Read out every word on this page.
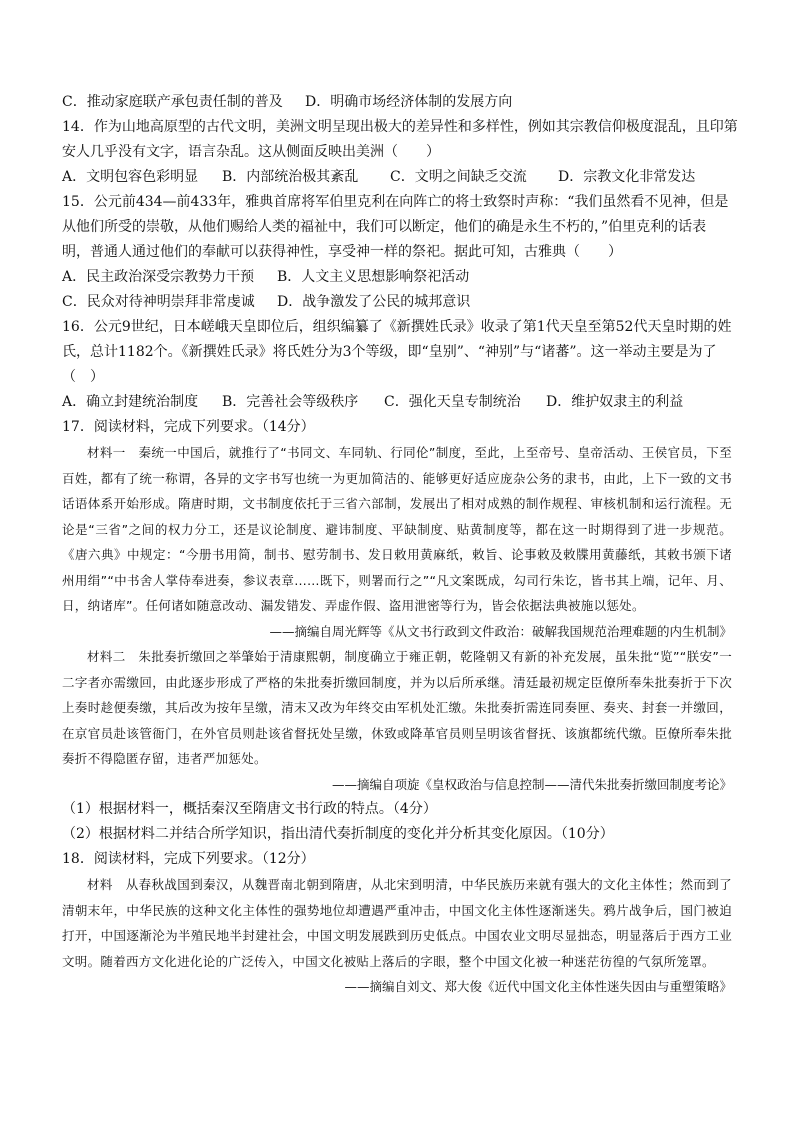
C．推动家庭联产承包责任制的普及	D．明确市场经济体制的发展方向
14．作为山地高原型的古代文明，美洲文明呈现出极大的差异性和多样性，例如其宗教信仰极度混乱，且印第
安人几乎没有文字，语言杂乱。这从侧面反映出美洲（　　）
A．文明包容色彩明显	B．内部统治极其紊乱	C．文明之间缺乏交流	D．宗教文化非常发达
15．公元前434—前433年，雅典首席将军伯里克利在向阵亡的将士致祭时声称：“我们虽然看不见神，但是从他们所受的崇敬，从他们赐给人类的福祉中，我们可以断定，他们的确是永生不朽的，”伯里克利的话表明，普通人通过他们的奉献可以获得神性，享受神一样的祭祀。据此可知，古雅典（　　）
A．民主政治深受宗教势力干预	B．人文主义思想影响祭祀活动
C．民众对待神明崇拜非常虔诚	D．战争激发了公民的城邦意识
16．公元9世纪，日本嵯峨天皇即位后，组织编纂了《新撰姓氏录》收录了第1代天皇至第52代天皇时期的姓氏，总计1182个。《新撰姓氏录》将氏姓分为3个等级，即“皇别”、“神别”与“诸蕃”。这一举动主要是为了（　）
A．确立封建统治制度	B．完善社会等级秩序	C．强化天皇专制统治	D．维护奴隶主的利益
17．阅读材料，完成下列要求。（14分）
材料一　秦统一中国后，就推行了“书同文、车同轨、行同伦”制度，至此，上至帝号、皇帝活动、王侯官员，下至百姓，都有了统一称谓，各异的文字书写也统一为更加简洁的、能够更好适应庞杂公务的隶书，由此，上下一致的文书话语体系开始形成。隋唐时期，文书制度依托于三省六部制，发展出了相对成熟的制作规程、审核机制和运行流程。无论是“三省”之间的权力分工，还是议论制度、避讳制度、平缺制度、贴黄制度等，都在这一时期得到了进一步规范。《唐六典》中规定：“今册书用简，制书、慰劳制书、发日敕用黄麻纸，敕旨、论事敕及敕牒用黄藤纸，其敕书颁下诸州用绢”“中书舍人掌侍奉进奏，参议表章……既下，则署而行之”“凡文案既成，勾司行朱讫，皆书其上端，记年、月、日，纳诸库”。任何诸如随意改动、漏发错发、弄虚作假、盗用泄密等行为，皆会依据法典被施以惩处。
——摘编自周光辉等《从文书行政到文件政治：破解我国规范治理难题的内生机制》
材料二　朱批奏折缴回之举肇始于清康熙朝，制度确立于雍正朝，乾隆朝又有新的补充发展，虽朱批“览”“朕安”一二字者亦需缴回，由此逐步形成了严格的朱批奏折缴回制度，并为以后所承继。清廷最初规定臣僚所奉朱批奏折于下次上奏时趁便奏缴，其后改为按年呈缴，清末又改为年终交由军机处汇缴。朱批奏折需连同奏匣、奏夹、封套一并缴回，在京官员赴该管衙门，在外官员则赴该省督抚处呈缴，休致或降革官员则呈明该省督抚、该旗都统代缴。臣僚所奉朱批奏折不得隐匿存留，违者严加惩处。
——摘编自项旋《皇权政治与信息控制——清代朱批奏折缴回制度考论》
（1）根据材料一，概括秦汉至隋唐文书行政的特点。（4分）
（2）根据材料二并结合所学知识，指出清代奏折制度的变化并分析其变化原因。（10分）
18．阅读材料，完成下列要求。（12分）
材料　从春秋战国到秦汉，从魏晋南北朝到隋唐，从北宋到明清，中华民族历来就有强大的文化主体性；然而到了清朝末年，中华民族的这种文化主体性的强势地位却遭遇严重冲击，中国文化主体性逐渐迷失。鸦片战争后，国门被迫打开，中国逐渐沦为半殖民地半封建社会，中国文明发展跌到历史低点。中国农业文明尽显拙态，明显落后于西方工业文明。随着西方文化进化论的广泛传入，中国文化被贴上落后的字眼，整个中国文化被一种迷茫彷徨的气氛所笼罩。
——摘编自刘文、郑大俊《近代中国文化主体性迷失因由与重塑策略》
